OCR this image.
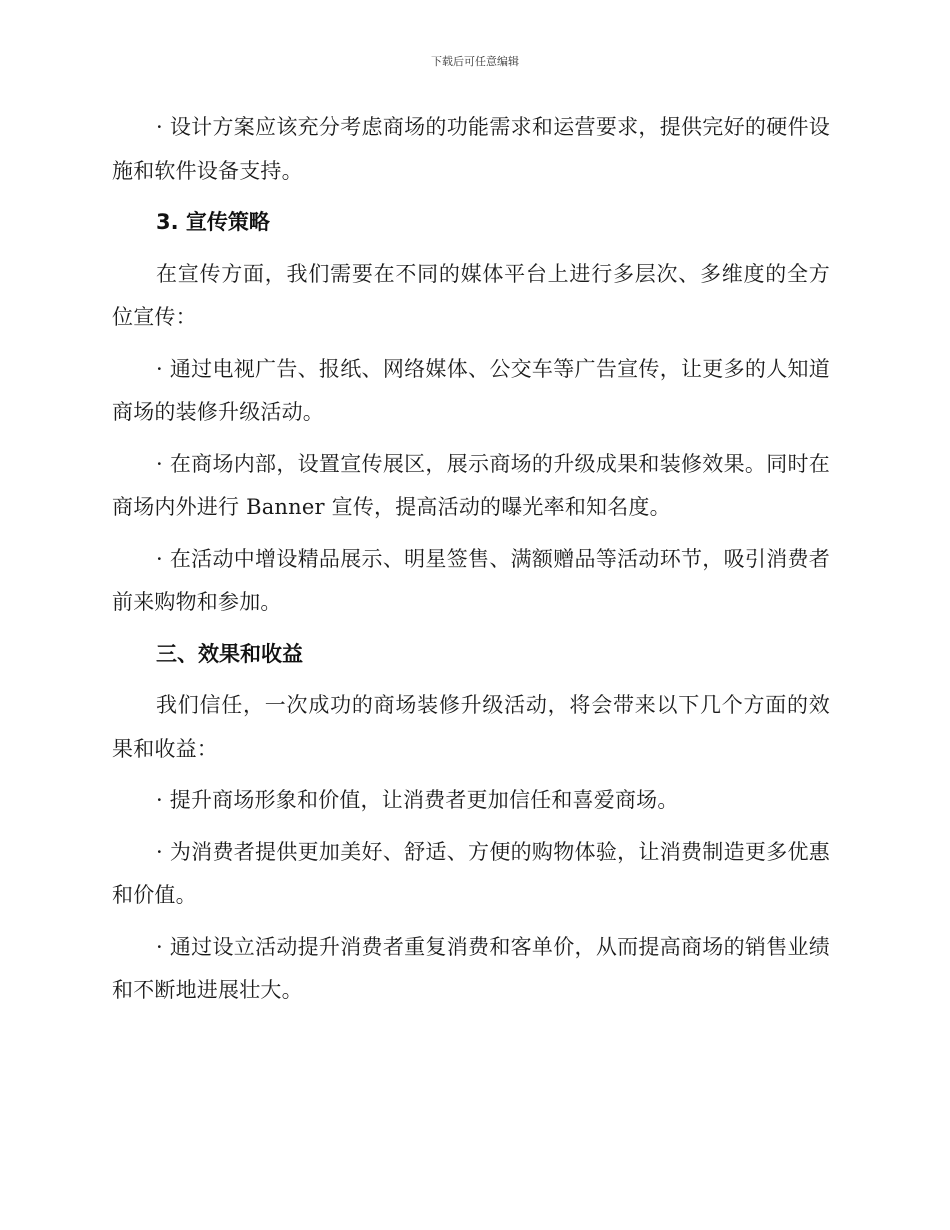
下载后可任意编辑

· 设计方案应该充分考虑商场的功能需求和运营要求，提供完好的硬件设施和软件设备支持。

3. 宣传策略

在宣传方面，我们需要在不同的媒体平台上进行多层次、多维度的全方位宣传：

· 通过电视广告、报纸、网络媒体、公交车等广告宣传，让更多的人知道商场的装修升级活动。

· 在商场内部，设置宣传展区，展示商场的升级成果和装修效果。同时在商场内外进行 Banner 宣传，提高活动的曝光率和知名度。

· 在活动中增设精品展示、明星签售、满额赠品等活动环节，吸引消费者前来购物和参加。

三、效果和收益

我们信任，一次成功的商场装修升级活动，将会带来以下几个方面的效果和收益：

· 提升商场形象和价值，让消费者更加信任和喜爱商场。

· 为消费者提供更加美好、舒适、方便的购物体验，让消费制造更多优惠和价值。

· 通过设立活动提升消费者重复消费和客单价，从而提高商场的销售业绩和不断地进展壮大。
